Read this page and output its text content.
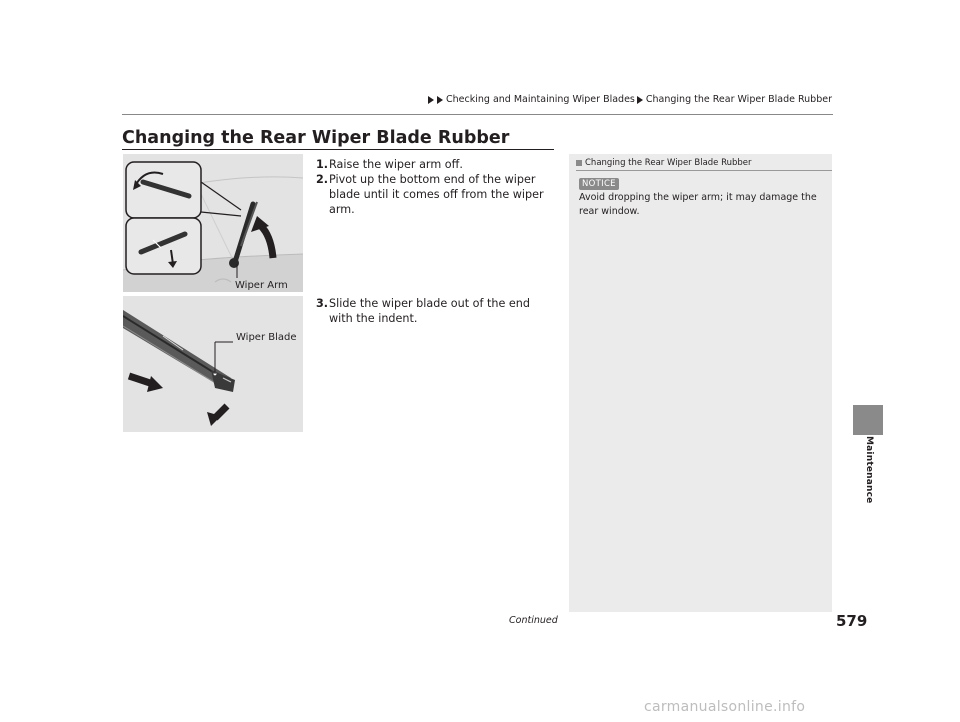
Checking and Maintaining Wiper Blades Changing the Rear Wiper Blade Rubber
Changing the Rear Wiper Blade Rubber
Wiper Arm
Wiper Blade
1. Raise the wiper arm off.
2. Pivot up the bottom end of the wiper blade until it comes off from the wiper arm.
3. Slide the wiper blade out of the end with the indent.
Changing the Rear Wiper Blade Rubber
NOTICE
Avoid dropping the wiper arm; it may damage the rear window.
Maintenance
Continued	579
carmanualsonline.info
